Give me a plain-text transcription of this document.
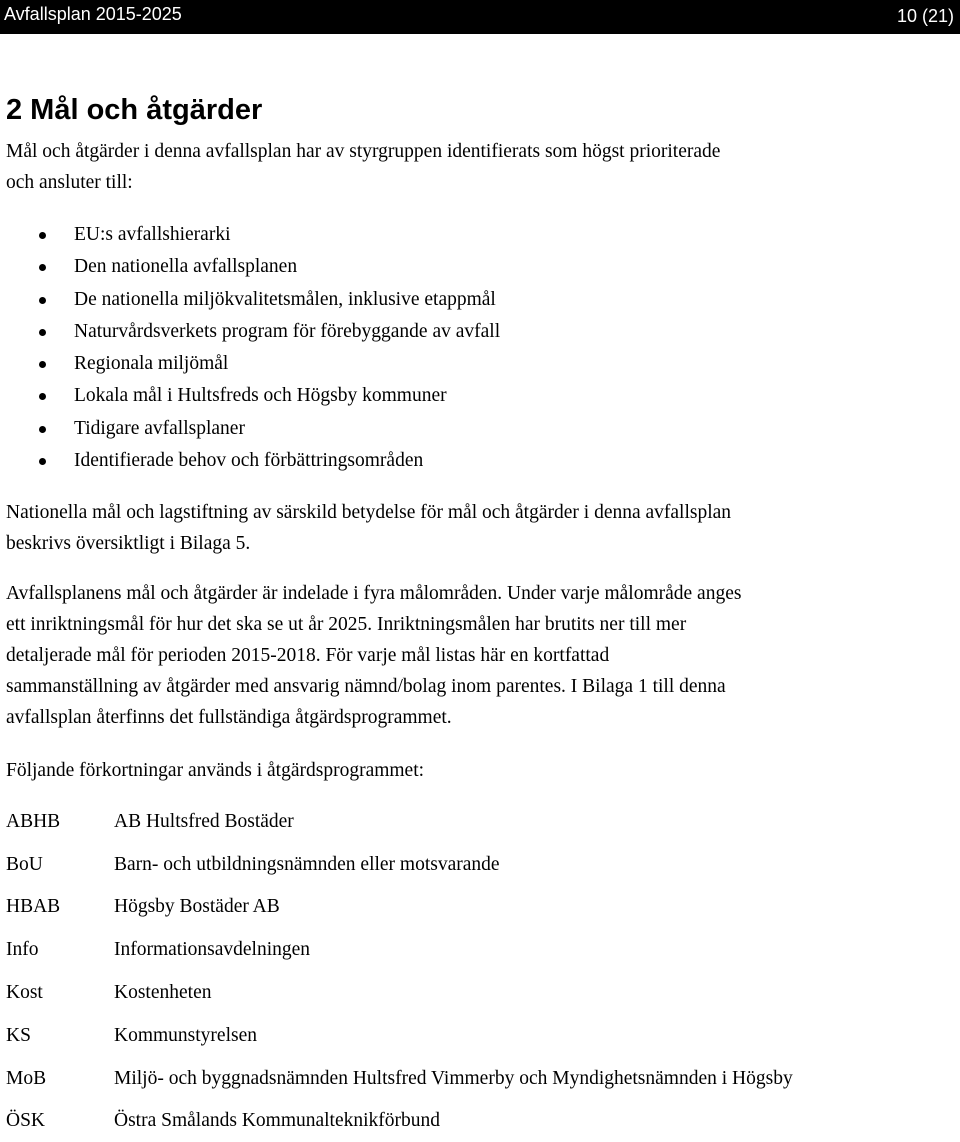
Avfallsplan 2015-2025	10 (21)
2 Mål och åtgärder

Mål och åtgärder i denna avfallsplan har av styrgruppen identifierats som högst prioriterade
och ansluter till:

EU:s avfallshierarki
Den nationella avfallsplanen
De nationella miljökvalitetsmålen, inklusive etappmål
Naturvårdsverkets program för förebyggande av avfall
Regionala miljömål
Lokala mål i Hultsfreds och Högsby kommuner
Tidigare avfallsplaner
Identifierade behov och förbättringsområden

Nationella mål och lagstiftning av särskild betydelse för mål och åtgärder i denna avfallsplan
beskrivs översiktligt i Bilaga 5.

Avfallsplanens mål och åtgärder är indelade i fyra målområden. Under varje målområde anges
ett inriktningsmål för hur det ska se ut år 2025. Inriktningsmålen har brutits ner till mer
detaljerade mål för perioden 2015-2018. För varje mål listas här en kortfattad
sammanställning av åtgärder med ansvarig nämnd/bolag inom parentes. I Bilaga 1 till denna
avfallsplan återfinns det fullständiga åtgärdsprogrammet.

Följande förkortningar används i åtgärdsprogrammet:

ABHB	AB Hultsfred Bostäder
BoU	Barn- och utbildningsnämnden eller motsvarande
HBAB	Högsby Bostäder AB
Info	Informationsavdelningen
Kost	Kostenheten
KS	Kommunstyrelsen
MoB	Miljö- och byggnadsnämnden Hultsfred Vimmerby och Myndighetsnämnden i Högsby
ÖSK	Östra Smålands Kommunalteknikförbund
